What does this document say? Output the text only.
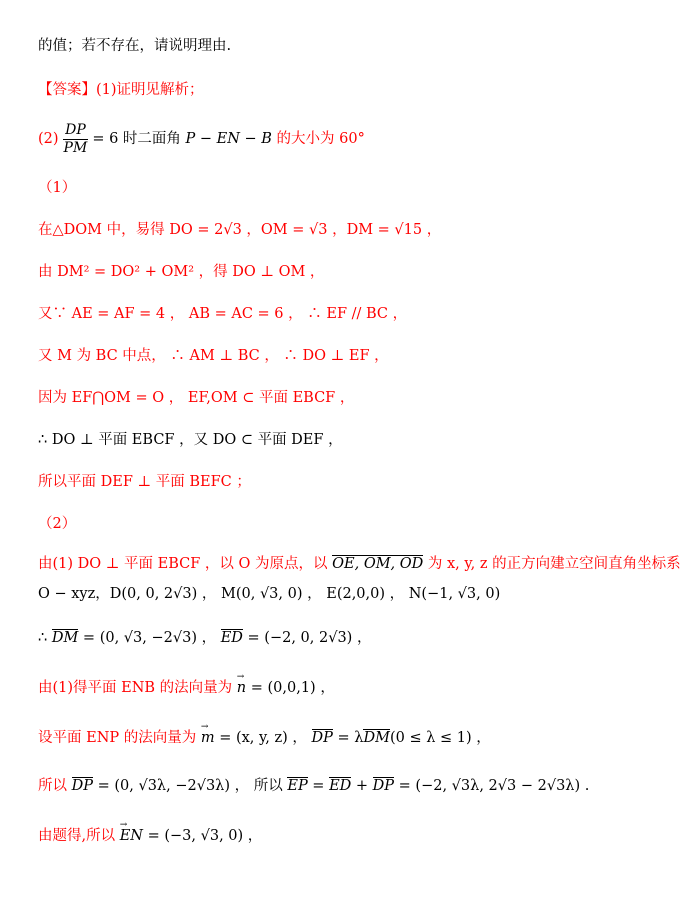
的值；若不存在，请说明理由.
【答案】(1)证明见解析；
$(2) \frac{DP}{PM} = 6$ 时二面角 P − EN − B 的大小为 60°
（1）
在△DOM 中，易得 DO = 2√3 ，OM = √3 ，DM = √15 ，
由 DM² = DO² + OM² ，得 DO ⊥ OM ，
又∵ AE = AF = 4 ， AB = AC = 6 ， ∴ EF // BC ，
又 M 为 BC 中点， ∴ AM ⊥ BC ， ∴ DO ⊥ EF ，
因为 EF⋂OM = O ， EF,OM ⊂ 平面 EBCF ，
∴ DO ⊥ 平面 EBCF ，又 DO ⊂ 平面 DEF ，
所以平面 DEF ⊥ 平面 BEFC ；
（2）
由(1) DO ⊥ 平面 EBCF ，以 O 为原点，以 OE, OM, OD 为 x, y, z 的正方向建立空间直角坐标系
O − xyz，D(0, 0, 2√3) ， M(0, √3, 0) ， E(2,0,0) ， N(−1, √3, 0)
∴ DM = (0, √3, −2√3) ， ED = (−2, 0, 2√3) ，
由(1)得平面 ENB 的法向量为 → n = (0,0,1) ，
设平面 ENP 的法向量为 → m = (x, y, z) ， DP = λDM(0 ≤ λ ≤ 1) ，
所以 DP = (0, √3λ, −2√3λ) ， 所以 EP = ED + DP = (−2, √3λ, 2√3 − 2√3λ) .
由题得,所以 → EN = (−3, √3, 0) ，
